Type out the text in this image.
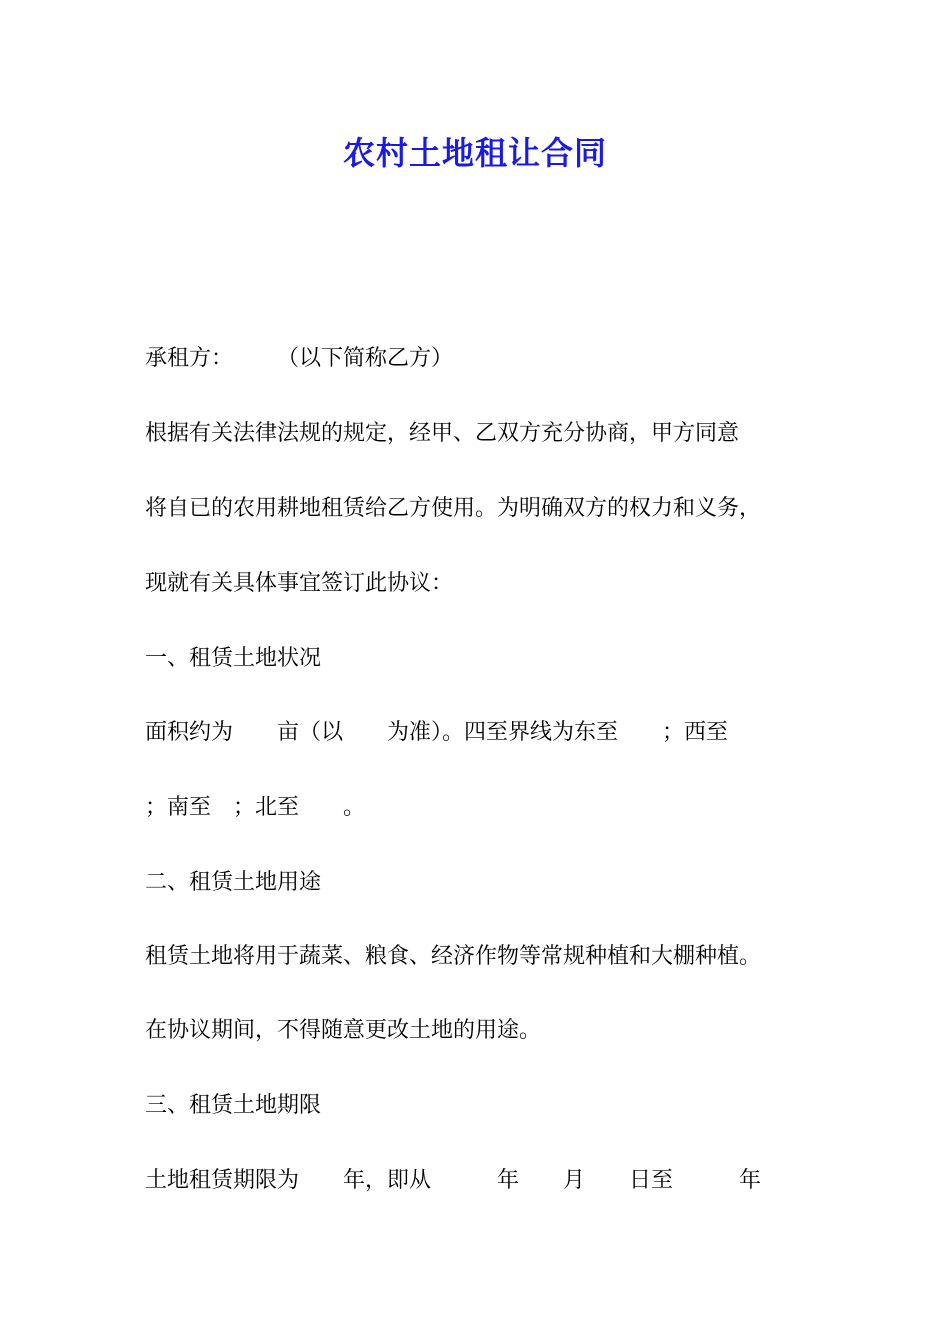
农村土地租让合同

承租方：　　　（以下简称乙方）

根据有关法律法规的规定，经甲、乙双方充分协商，甲方同意

将自已的农用耕地租赁给乙方使用。为明确双方的权力和义务，

现就有关具体事宜签订此协议：

一、租赁土地状况

面积约为　　亩（以　　为准）。四至界线为东至　　；西至

；南至　；北至　　。

二、租赁土地用途

租赁土地将用于蔬菜、粮食、经济作物等常规种植和大棚种植。

在协议期间，不得随意更改土地的用途。

三、租赁土地期限

土地租赁期限为　　年，即从　　　年　　月　　日至　　　年
